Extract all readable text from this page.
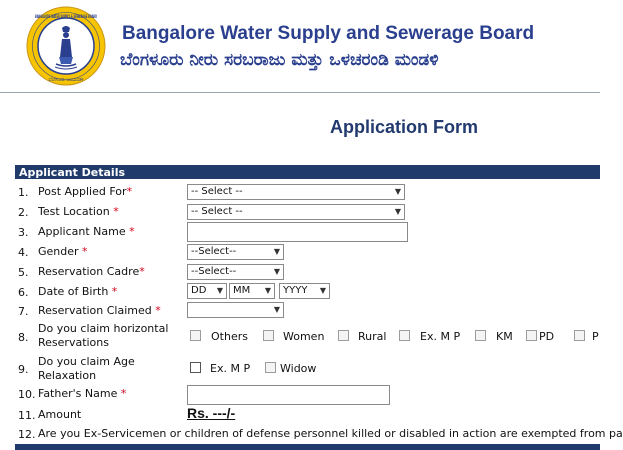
BANGALORE WATER SUPPLY & SEWERAGE BOARD
ಬೆಂಗಳೂರು ಜಲಮಂಡಳಿ
Bangalore Water Supply and Sewerage Board
ಬೆಂಗಳೂರು ನೀರು ಸರಬರಾಜು ಮತ್ತು ಒಳಚರಂಡಿ ಮಂಡಳಿ
Application Form
Applicant Details
1. Post Applied For*	-- Select --	▼
2. Test Location *	-- Select --	▼
3. Applicant Name *
4. Gender *	--Select--	▼
5. Reservation Cadre*	--Select--	▼
6. Date of Birth *	DD ▼	MM ▼	YYYY ▼
7. Reservation Claimed *	▼
8.
Do you claim horizontal
Reservations	Others	Women	Rural	Ex. M P	KM PD	P
9.
Do you claim Age
Relaxation
Ex. M P	Widow
10. Father's Name *
11. Amount	Rs. ---/-
12. Are you Ex-Servicemen or children of defense personnel killed or disabled in action are exempted from pa
